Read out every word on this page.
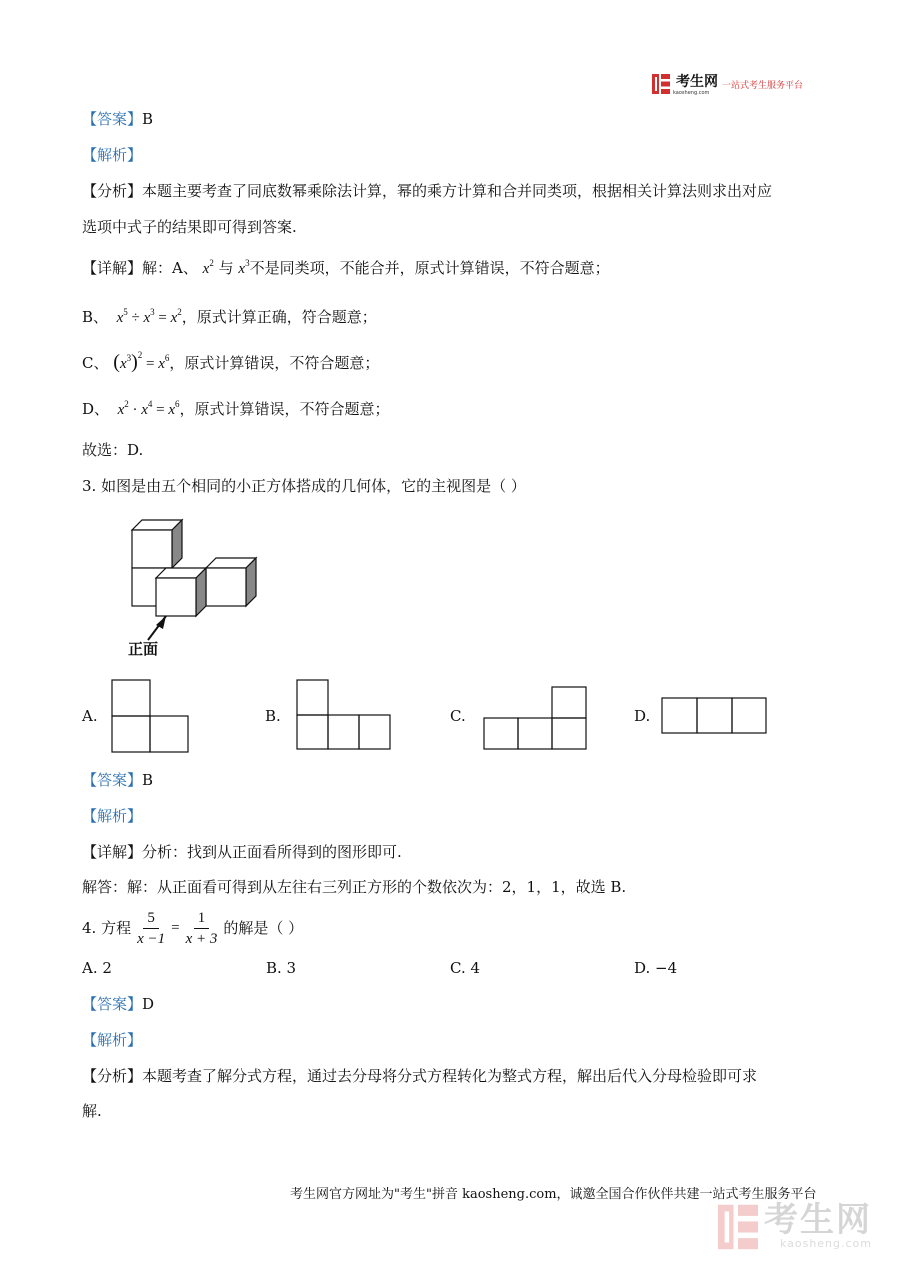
考生网
kaosheng.com
一站式考生服务平台
【答案】B
【解析】
【分析】本题主要考查了同底数幂乘除法计算，幂的乘方计算和合并同类项，根据相关计算法则求出对应
选项中式子的结果即可得到答案.
【详解】解：A、 $x^2$ 与 $x^3$不是同类项，不能合并，原式计算错误，不符合题意；
B、  $x^5 \div x^3 = x^2$，原式计算正确，符合题意；
C、 $(x^3)^2 = x^6$，原式计算错误，不符合题意；
D、  $x^2 \cdot x^4 = x^6$，原式计算错误，不符合题意；
故选：D.
3. 如图是由五个相同的小正方体搭成的几何体，它的主视图是（ ）
正面
A.	B.	C.	D.
【答案】B
【解析】
【详解】分析：找到从正面看所得到的图形即可.
解答：解：从正面看可得到从左往右三列正方形的个数依次为：2，1，1，故选 B.
4. 方程 $\frac{5}{x -1} = \frac{1}{x + 3}$ 的解是（ ）
A. 2	B. 3	C. 4	D. −4
【答案】D
【解析】
【分析】本题考查了解分式方程，通过去分母将分式方程转化为整式方程，解出后代入分母检验即可求
解.
考生网官方网址为"考生"拼音 kaosheng.com，诚邀全国合作伙伴共建一站式考生服务平台
考生网
kaosheng.com
